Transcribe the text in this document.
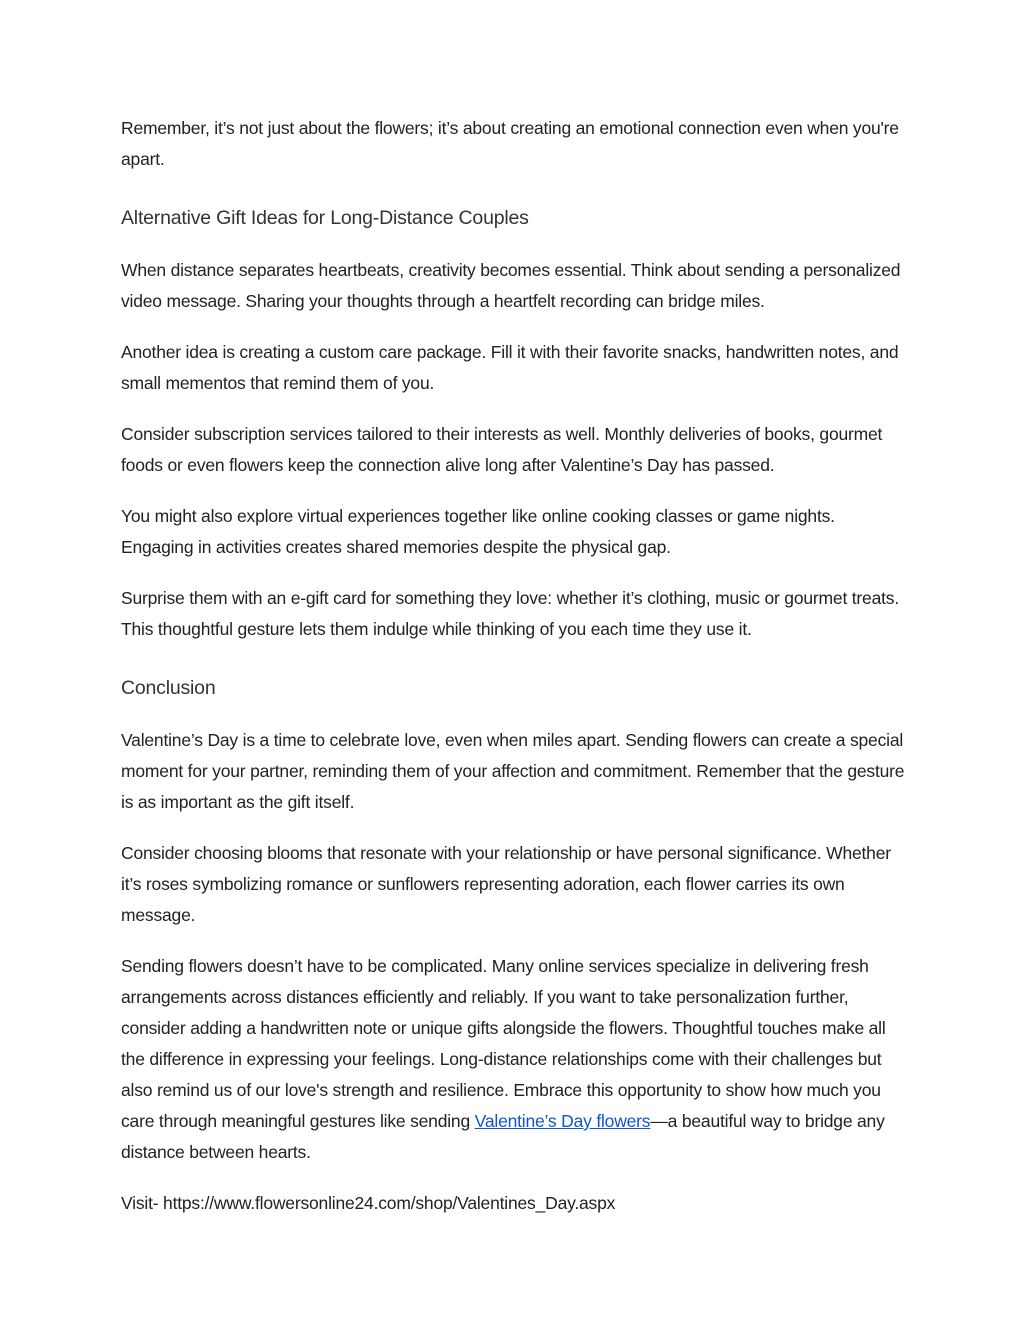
Remember, it’s not just about the flowers; it’s about creating an emotional connection even when you're apart.

Alternative Gift Ideas for Long-Distance Couples

When distance separates heartbeats, creativity becomes essential. Think about sending a personalized video message. Sharing your thoughts through a heartfelt recording can bridge miles.

Another idea is creating a custom care package. Fill it with their favorite snacks, handwritten notes, and small mementos that remind them of you.

Consider subscription services tailored to their interests as well. Monthly deliveries of books, gourmet foods or even flowers keep the connection alive long after Valentine’s Day has passed.

You might also explore virtual experiences together like online cooking classes or game nights. Engaging in activities creates shared memories despite the physical gap.

Surprise them with an e-gift card for something they love: whether it’s clothing, music or gourmet treats. This thoughtful gesture lets them indulge while thinking of you each time they use it.

Conclusion

Valentine’s Day is a time to celebrate love, even when miles apart. Sending flowers can create a special moment for your partner, reminding them of your affection and commitment. Remember that the gesture is as important as the gift itself.

Consider choosing blooms that resonate with your relationship or have personal significance. Whether it’s roses symbolizing romance or sunflowers representing adoration, each flower carries its own message.

Sending flowers doesn’t have to be complicated. Many online services specialize in delivering fresh arrangements across distances efficiently and reliably. If you want to take personalization further, consider adding a handwritten note or unique gifts alongside the flowers. Thoughtful touches make all the difference in expressing your feelings. Long-distance relationships come with their challenges but also remind us of our love's strength and resilience. Embrace this opportunity to show how much you care through meaningful gestures like sending Valentine’s Day flowers—a beautiful way to bridge any distance between hearts.

Visit- https://www.flowersonline24.com/shop/Valentines_Day.aspx
